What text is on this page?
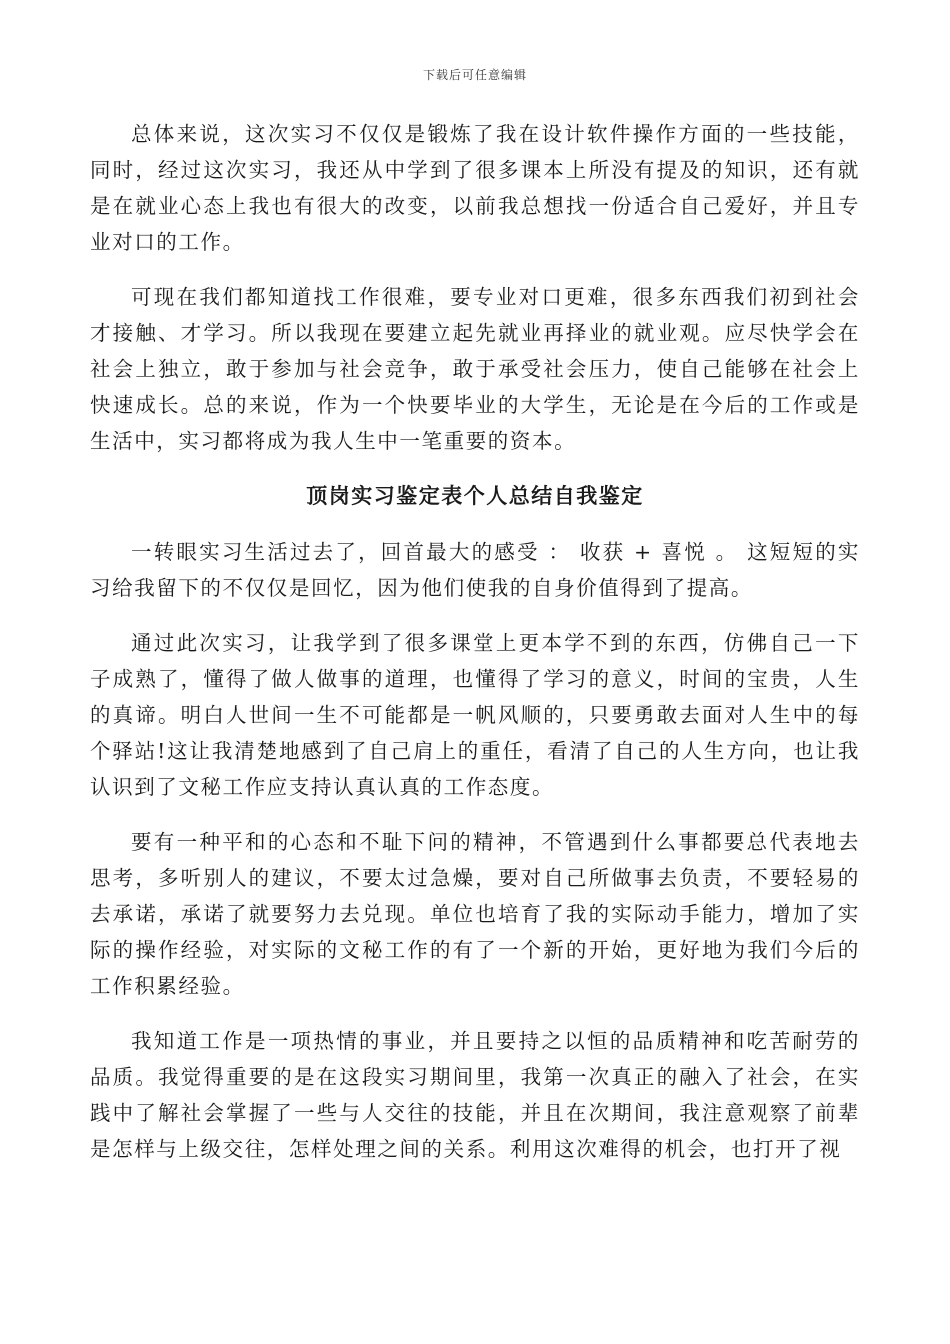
下载后可任意编辑

总体来说，这次实习不仅仅是锻炼了我在设计软件操作方面的一些技能，同时，经过这次实习，我还从中学到了很多课本上所没有提及的知识，还有就是在就业心态上我也有很大的改变，以前我总想找一份适合自己爱好，并且专业对口的工作。

可现在我们都知道找工作很难，要专业对口更难，很多东西我们初到社会才接触、才学习。所以我现在要建立起先就业再择业的就业观。应尽快学会在社会上独立，敢于参加与社会竞争，敢于承受社会压力，使自己能够在社会上快速成长。总的来说，作为一个快要毕业的大学生，无论是在今后的工作或是生活中，实习都将成为我人生中一笔重要的资本。

顶岗实习鉴定表个人总结自我鉴定

一转眼实习生活过去了，回首最大的感受 ： 收获 + 喜悦 。 这短短的实习给我留下的不仅仅是回忆，因为他们使我的自身价值得到了提高。

通过此次实习，让我学到了很多课堂上更本学不到的东西，仿佛自己一下子成熟了，懂得了做人做事的道理，也懂得了学习的意义，时间的宝贵，人生的真谛。明白人世间一生不可能都是一帆风顺的，只要勇敢去面对人生中的每个驿站!这让我清楚地感到了自己肩上的重任，看清了自己的人生方向，也让我认识到了文秘工作应支持认真认真的工作态度。

要有一种平和的心态和不耻下问的精神，不管遇到什么事都要总代表地去思考，多听别人的建议，不要太过急燥，要对自己所做事去负责，不要轻易的去承诺，承诺了就要努力去兑现。单位也培育了我的实际动手能力，增加了实际的操作经验，对实际的文秘工作的有了一个新的开始，更好地为我们今后的工作积累经验。

我知道工作是一项热情的事业，并且要持之以恒的品质精神和吃苦耐劳的品质。我觉得重要的是在这段实习期间里，我第一次真正的融入了社会，在实践中了解社会掌握了一些与人交往的技能，并且在次期间，我注意观察了前辈是怎样与上级交往，怎样处理之间的关系。利用这次难得的机会，也打开了视
